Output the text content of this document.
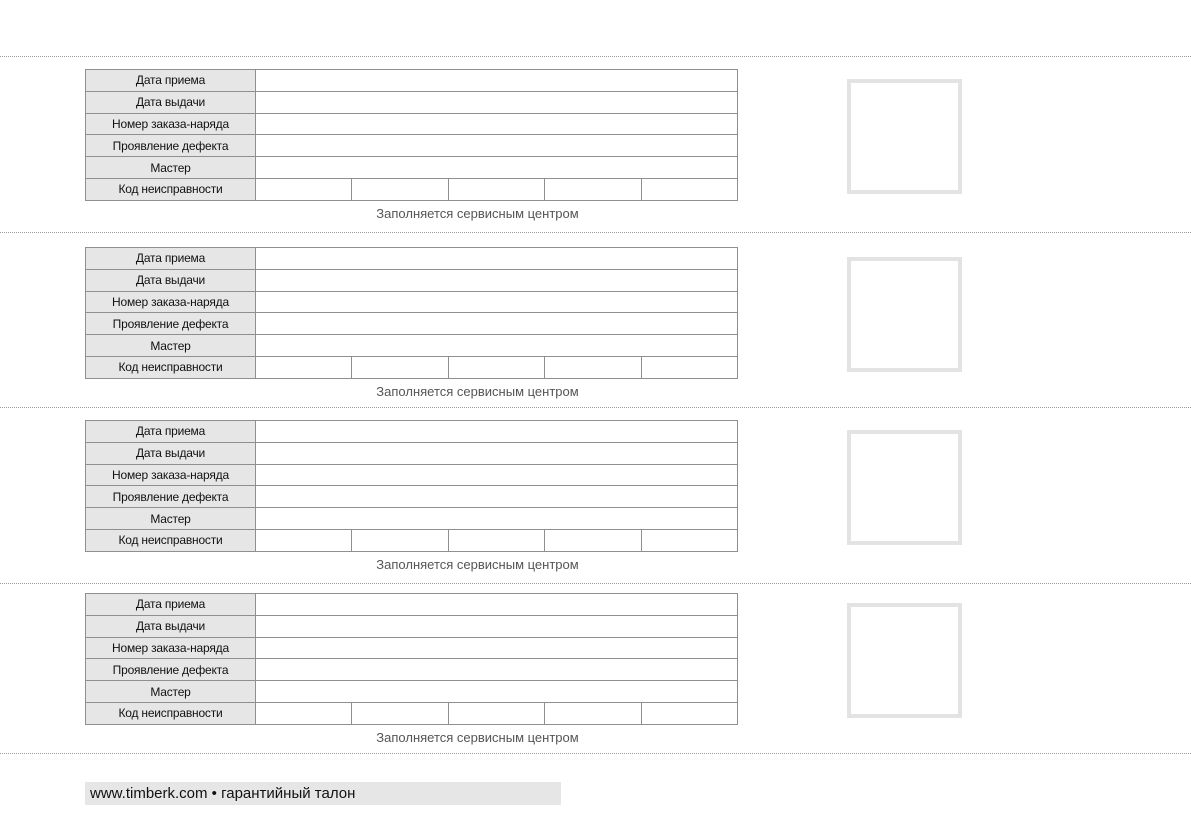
Дата приема					
Дата выдачи					
Номер заказа-наряда					
Проявление дефекта					
Мастер					
Код неисправности					
Заполняется сервисным центром
Дата приема					
Дата выдачи					
Номер заказа-наряда					
Проявление дефекта					
Мастер					
Код неисправности					
Заполняется сервисным центром
Дата приема					
Дата выдачи					
Номер заказа-наряда					
Проявление дефекта					
Мастер					
Код неисправности					
Заполняется сервисным центром
Дата приема					
Дата выдачи					
Номер заказа-наряда					
Проявление дефекта					
Мастер					
Код неисправности					
Заполняется сервисным центром
www.timberk.com • гарантийный талон
